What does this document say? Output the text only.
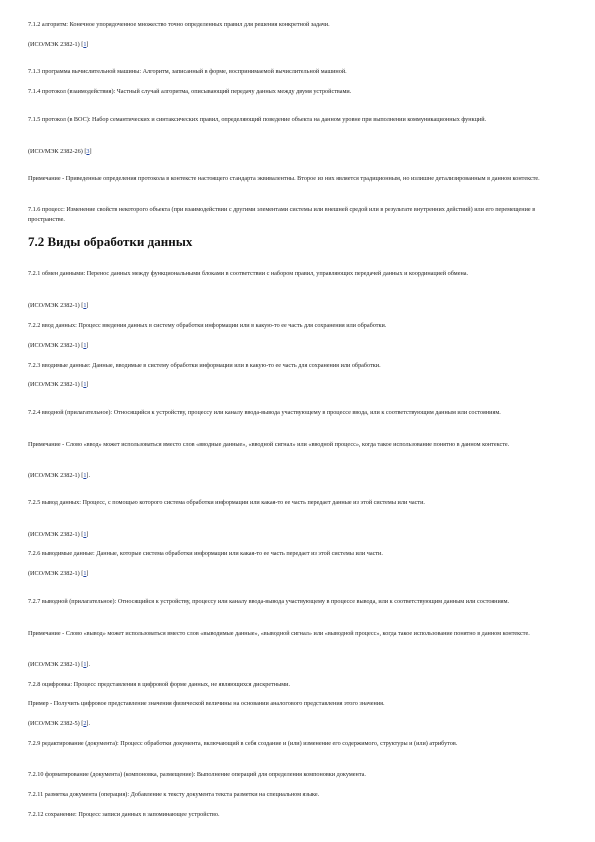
7.1.2 алгоритм: Конечное упорядоченное множество точно определенных правил для решения конкретной задачи.

(ИСО/МЭК 2382-1) [1]

7.1.3 программа вычислительной машины: Алгоритм, записанный в форме, воспринимаемой вычислительной машиной.

7.1.4 протокол (взаимодействия): Частный случай алгоритма, описывающий передачу данных между двумя устройствами.

7.1.5 протокол (в ВОС): Набор семантических и синтаксических правил, определяющий поведение объекта на данном уровне при выполнении коммуникационных функций.

(ИСО/МЭК 2382-26) [3]

Примечание - Приведенные определения протокола в контексте настоящего стандарта эквивалентны. Второе из них является традиционным, но излишне детализированным в данном контексте.

7.1.6 процесс: Изменение свойств некоторого объекта (при взаимодействии с другими элементами системы или внешней средой или в результате внутренних действий) или его перемещение в пространстве.

7.2 Виды обработки данных

7.2.1 обмен данными: Перенос данных между функциональными блоками в соответствии с набором правил, управляющих передачей данных и координацией обмена.

(ИСО/МЭК 2382-1) [1]

7.2.2 ввод данных: Процесс введения данных в систему обработки информации или в какую-то ее часть для сохранения или обработки.

(ИСО/МЭК 2382-1) [1]

7.2.3 вводимые данные: Данные, вводимые в систему обработки информации или в какую-то ее часть для сохранения или обработки.

(ИСО/МЭК 2382-1) [1]

7.2.4 вводной (прилагательное): Относящийся к устройству, процессу или каналу ввода-вывода участвующему в процессе ввода, или к соответствующим данным или состояниям.

Примечание - Слово «ввод» может использоваться вместо слов «вводные данные», «вводной сигнал» или «вводной процесс», когда такое использование понятно в данном контексте.

(ИСО/МЭК 2382-1) [1].

7.2.5 вывод данных: Процесс, с помощью которого система обработки информации или какая-то ее часть передает данные из этой системы или части.

(ИСО/МЭК 2382-1) [1]

7.2.6 выводимые данные: Данные, которые система обработки информации или какая-то ее часть передает из этой системы или части.

(ИСО/МЭК 2382-1) [1]

7.2.7 выводной (прилагательное): Относящийся к устройству, процессу или каналу ввода-вывода участвующему в процессе вывода, или к соответствующим данным или состояниям.

Примечание - Слово «вывод» может использоваться вместо слов «выводимые данные», «выводной сигнал» или «выводной процесс», когда такое использование понятно в данном контексте.

(ИСО/МЭК 2382-1) [1].

7.2.8 оцифровка: Процесс представления в цифровой форме данных, не являющихся дискретными.

Пример - Получить цифровое представление значения физической величины на основании аналогового представления этого значения.

(ИСО/МЭК 2382-5) [2].

7.2.9 редактирование (документа): Процесс обработки документа, включающий в себя создание и (или) изменение его содержимого, структуры и (или) атрибутов.

7.2.10 форматирование (документа) (компоновка, размещение): Выполнение операций для определения компоновки документа.

7.2.11 разметка документа (операция): Добавление к тексту документа текста разметки на специальном языке.

7.2.12 сохранение: Процесс записи данных в запоминающее устройство.
